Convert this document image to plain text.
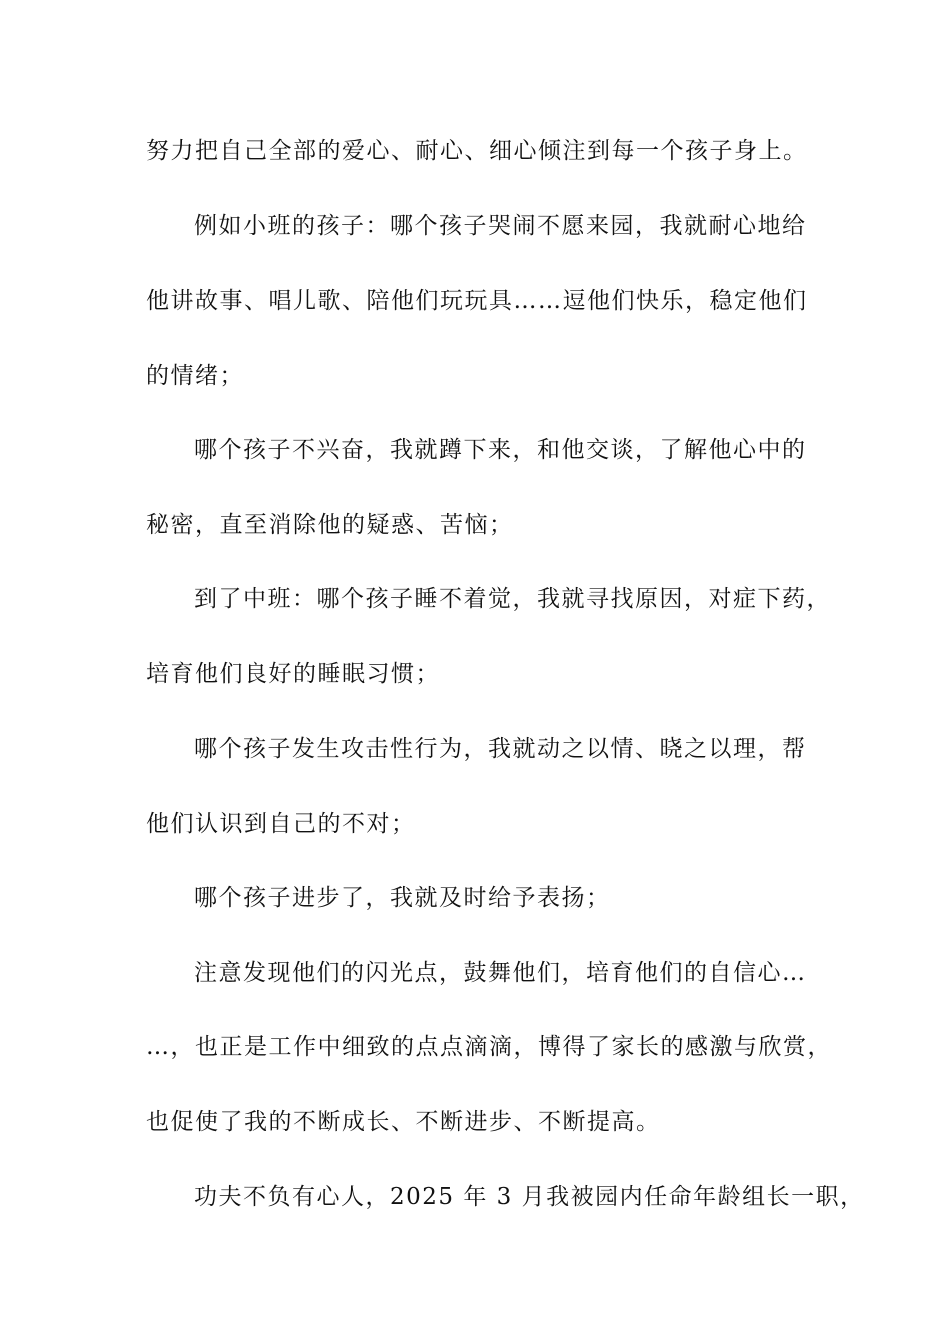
努力把自己全部的爱心、耐心、细心倾注到每一个孩子身上。
例如小班的孩子：哪个孩子哭闹不愿来园，我就耐心地给
他讲故事、唱儿歌、陪他们玩玩具……逗他们快乐，稳定他们
的情绪；
哪个孩子不兴奋，我就蹲下来，和他交谈，了解他心中的
秘密，直至消除他的疑惑、苦恼；
到了中班：哪个孩子睡不着觉，我就寻找原因，对症下药，
培育他们良好的睡眠习惯；
哪个孩子发生攻击性行为，我就动之以情、晓之以理，帮
他们认识到自己的不对；
哪个孩子进步了，我就及时给予表扬；
注意发现他们的闪光点，鼓舞他们，培育他们的自信心…
…，也正是工作中细致的点点滴滴，博得了家长的感激与欣赏，
也促使了我的不断成长、不断进步、不断提高。
功夫不负有心人，2025 年 3 月我被园内任命年龄组长一职，
